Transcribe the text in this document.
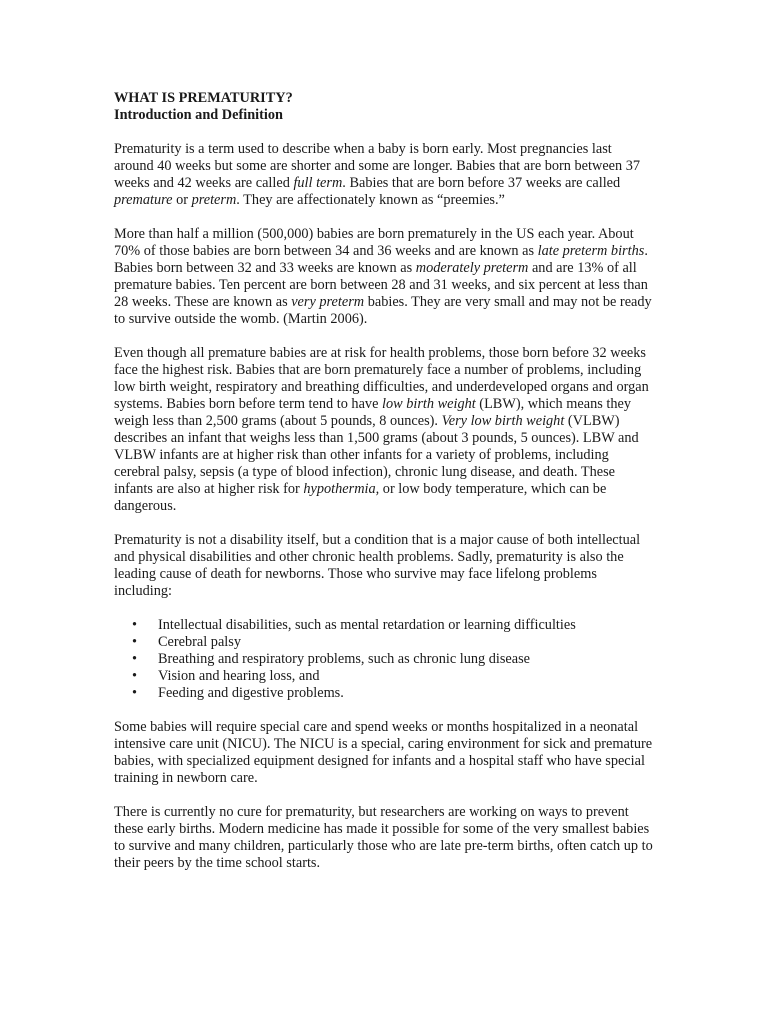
WHAT IS PREMATURITY?
Introduction and Definition

Prematurity is a term used to describe when a baby is born early. Most pregnancies last around 40 weeks but some are shorter and some are longer. Babies that are born between 37 weeks and 42 weeks are called full term. Babies that are born before 37 weeks are called premature or preterm. They are affectionately known as “preemies.”

More than half a million (500,000) babies are born prematurely in the US each year. About 70% of those babies are born between 34 and 36 weeks and are known as late preterm births. Babies born between 32 and 33 weeks are known as moderately preterm and are 13% of all premature babies. Ten percent are born between 28 and 31 weeks, and six percent at less than 28 weeks. These are known as very preterm babies. They are very small and may not be ready to survive outside the womb. (Martin 2006).

Even though all premature babies are at risk for health problems, those born before 32 weeks face the highest risk. Babies that are born prematurely face a number of problems, including low birth weight, respiratory and breathing difficulties, and underdeveloped organs and organ systems. Babies born before term tend to have low birth weight (LBW), which means they weigh less than 2,500 grams (about 5 pounds, 8 ounces). Very low birth weight (VLBW) describes an infant that weighs less than 1,500 grams (about 3 pounds, 5 ounces). LBW and VLBW infants are at higher risk than other infants for a variety of problems, including cerebral palsy, sepsis (a type of blood infection), chronic lung disease, and death. These infants are also at higher risk for hypothermia, or low body temperature, which can be dangerous.

Prematurity is not a disability itself, but a condition that is a major cause of both intellectual and physical disabilities and other chronic health problems. Sadly, prematurity is also the leading cause of death for newborns. Those who survive may face lifelong problems including:

• Intellectual disabilities, such as mental retardation or learning difficulties
• Cerebral palsy
• Breathing and respiratory problems, such as chronic lung disease
• Vision and hearing loss, and
• Feeding and digestive problems.

Some babies will require special care and spend weeks or months hospitalized in a neonatal intensive care unit (NICU). The NICU is a special, caring environment for sick and premature babies, with specialized equipment designed for infants and a hospital staff who have special training in newborn care.

There is currently no cure for prematurity, but researchers are working on ways to prevent these early births. Modern medicine has made it possible for some of the very smallest babies to survive and many children, particularly those who are late pre-term births, often catch up to their peers by the time school starts.
